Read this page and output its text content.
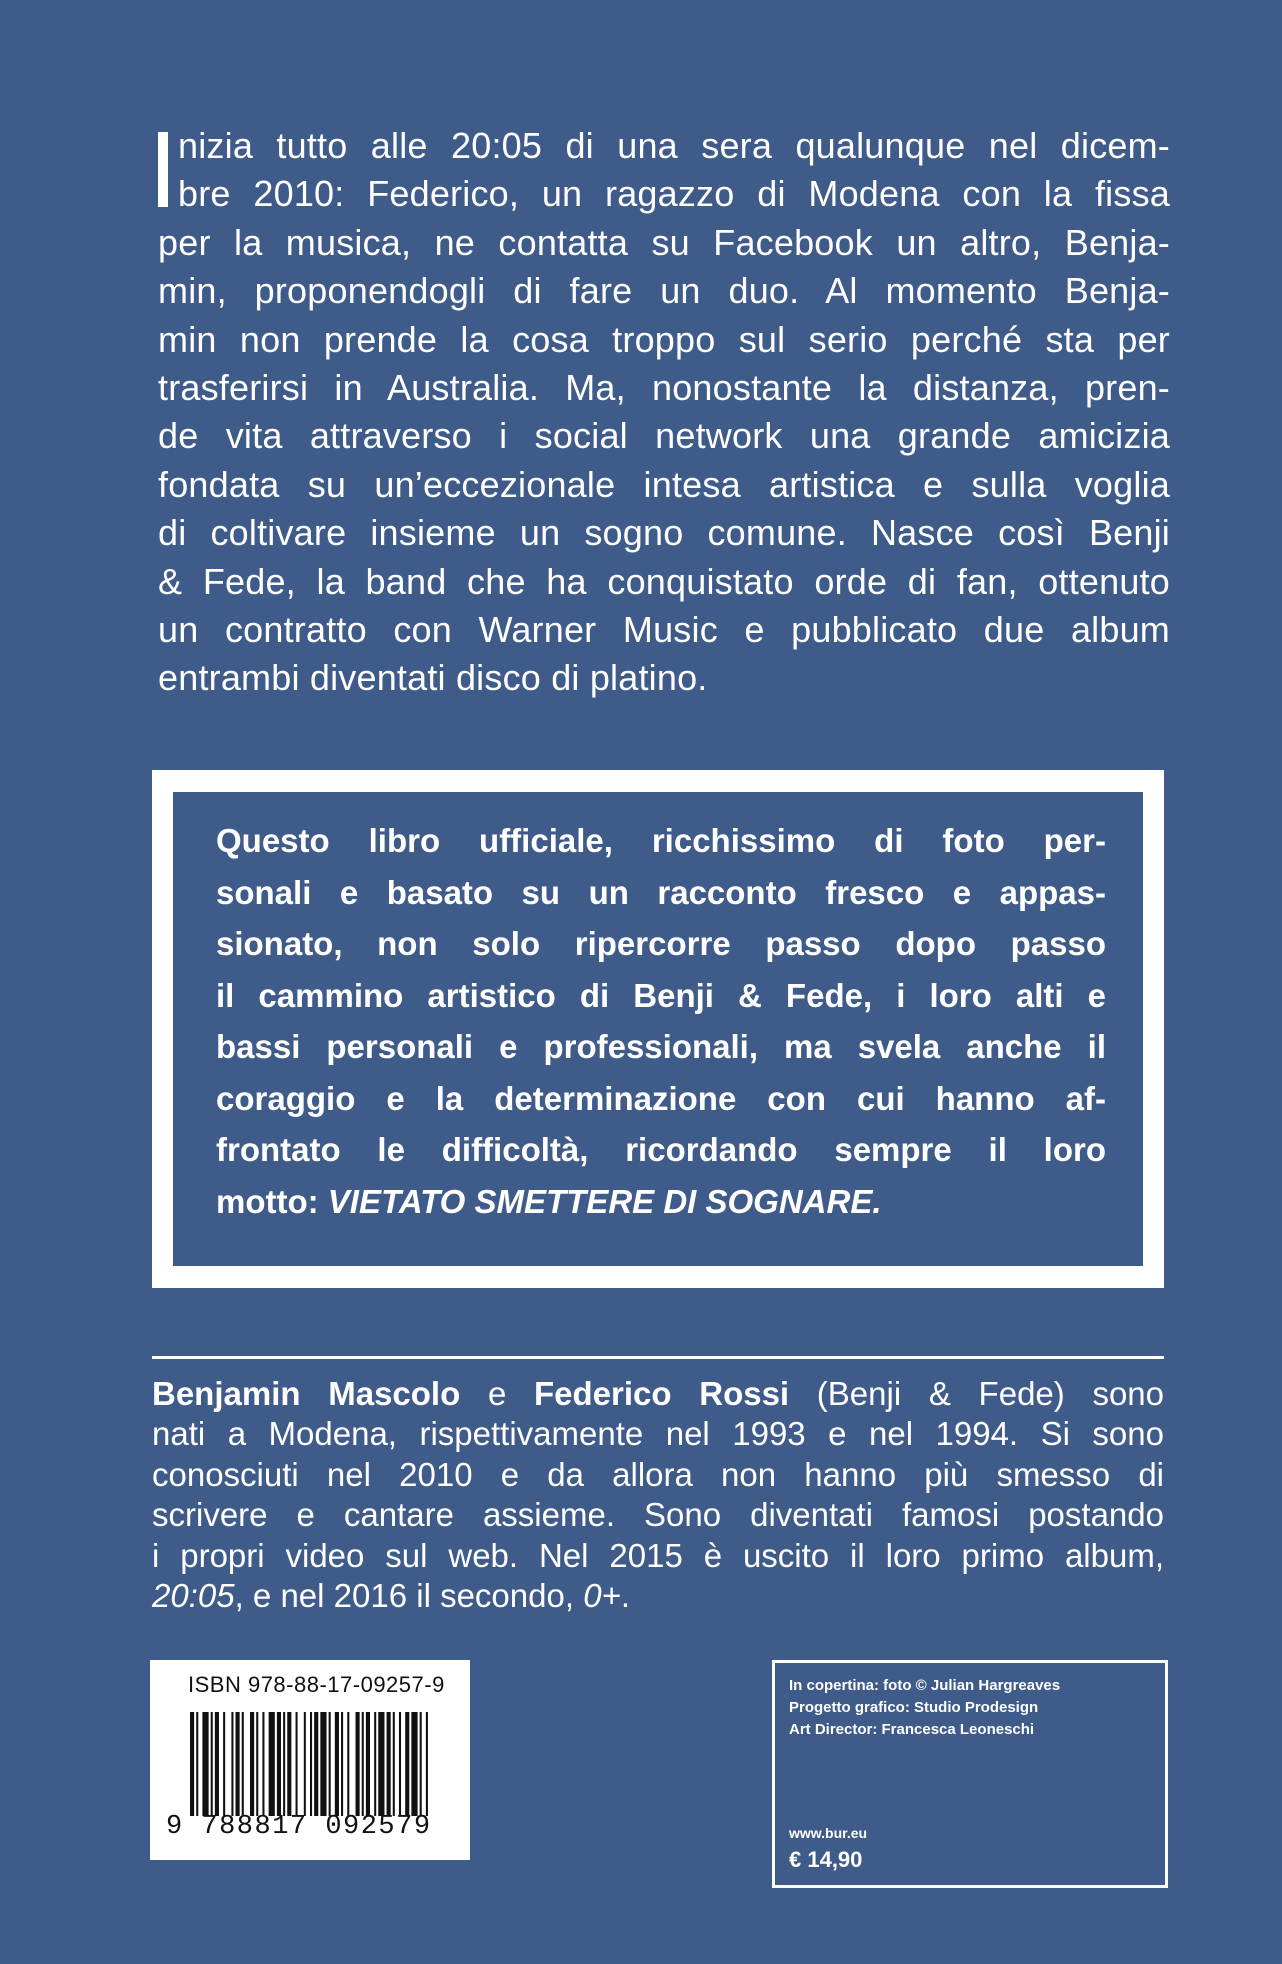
nizia tutto alle 20:05 di una sera qualunque nel dicem-
bre 2010: Federico, un ragazzo di Modena con la fissa
per la musica, ne contatta su Facebook un altro, Benja-
min, proponendogli di fare un duo. Al momento Benja-
min non prende la cosa troppo sul serio perché sta per
trasferirsi in Australia. Ma, nonostante la distanza, pren-
de vita attraverso i social network una grande amicizia
fondata su un’eccezionale intesa artistica e sulla voglia
di coltivare insieme un sogno comune. Nasce così Benji
& Fede, la band che ha conquistato orde di fan, ottenuto
un contratto con Warner Music e pubblicato due album
entrambi diventati disco di platino.
Questo libro ufficiale, ricchissimo di foto per-
sonali e basato su un racconto fresco e appas-
sionato, non solo ripercorre passo dopo passo
il cammino artistico di Benji & Fede, i loro alti e
bassi personali e professionali, ma svela anche il
coraggio e la determinazione con cui hanno af-
frontato le difficoltà, ricordando sempre il loro
motto: VIETATO SMETTERE DI SOGNARE.
Benjamin Mascolo e Federico Rossi (Benji & Fede) sono
nati a Modena, rispettivamente nel 1993 e nel 1994. Si sono
conosciuti nel 2010 e da allora non hanno più smesso di
scrivere e cantare assieme. Sono diventati famosi postando
i propri video sul web. Nel 2015 è uscito il loro primo album,
20:05, e nel 2016 il secondo, 0+.
ISBN 978-88-17-09257-9
9 788817 092579
In copertina: foto © Julian Hargreaves
Progetto grafico: Studio Prodesign
Art Director: Francesca Leoneschi
www.bur.eu
€ 14,90
